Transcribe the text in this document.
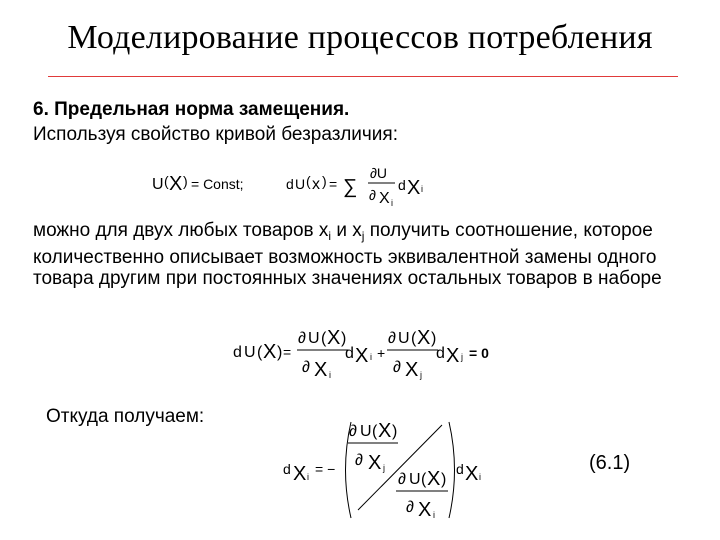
Моделирование процессов потребления
6. Предельная норма замещения.
Используя свойство кривой безразличия:
U ( X ) = Const;	d U ( x ) = ∑
∂U
∂ X i
d X i
можно для двух любых товаров $x_i$ и $x_j$ получить соотношение, которое количественно описывает возможность эквивалентной замены одного товара другим при постоянных значениях остальных товаров в наборе
d U ( X ) =
∂ U ( X )
∂ X i
d X i +
∂ U ( X )
∂ X j
d X j = 0
Откуда получаем:
d X i = −
∂ U ( X )
∂ X j
∂ U ( X )
∂ X i
d X i
(6.1)
